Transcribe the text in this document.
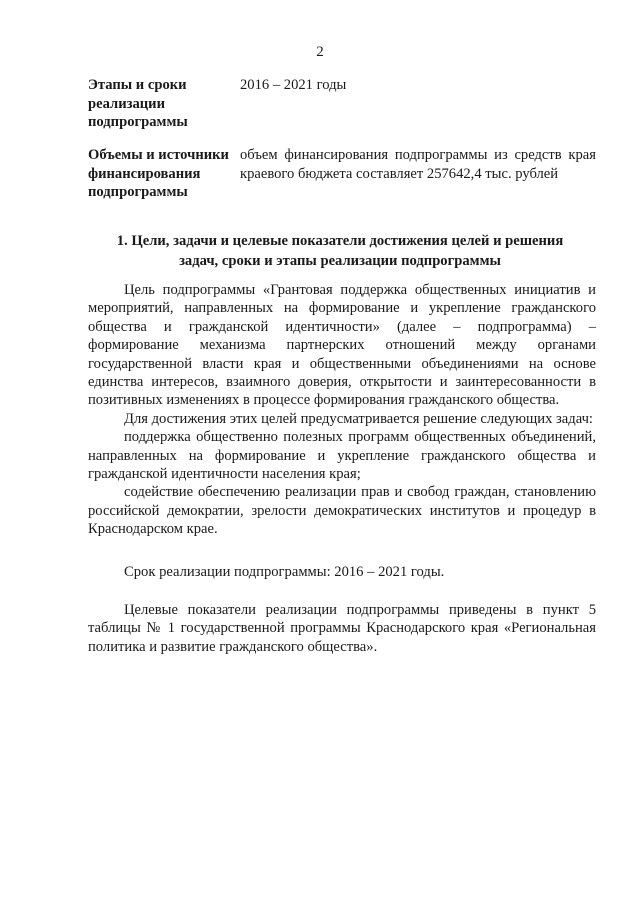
2
Этапы и сроки реализации подпрограммы
2016 – 2021 годы
Объемы и источники финансирования подпрограммы
объем финансирования подпрограммы из средств края краевого бюджета составляет 257642,4 тыс. рублей
1. Цели, задачи и целевые показатели достижения целей и решения задач, сроки и этапы реализации подпрограммы

Цель подпрограммы «Грантовая поддержка общественных инициатив и мероприятий, направленных на формирование и укрепление гражданского общества и гражданской идентичности» (далее – подпрограмма) – формирование механизма партнерских отношений между органами государственной власти края и общественными объединениями на основе единства интересов, взаимного доверия, открытости и заинтересованности в позитивных изменениях в процессе формирования гражданского общества.

Для достижения этих целей предусматривается решение следующих задач:

поддержка общественно полезных программ общественных объединений, направленных на формирование и укрепление гражданского общества и гражданской идентичности населения края;

содействие обеспечению реализации прав и свобод граждан, становлению российской демократии, зрелости демократических институтов и процедур в Краснодарском крае.

Срок реализации подпрограммы: 2016 – 2021 годы.

Целевые показатели реализации подпрограммы приведены в пункт 5 таблицы № 1 государственной программы Краснодарского края «Региональная политика и развитие гражданского общества».
